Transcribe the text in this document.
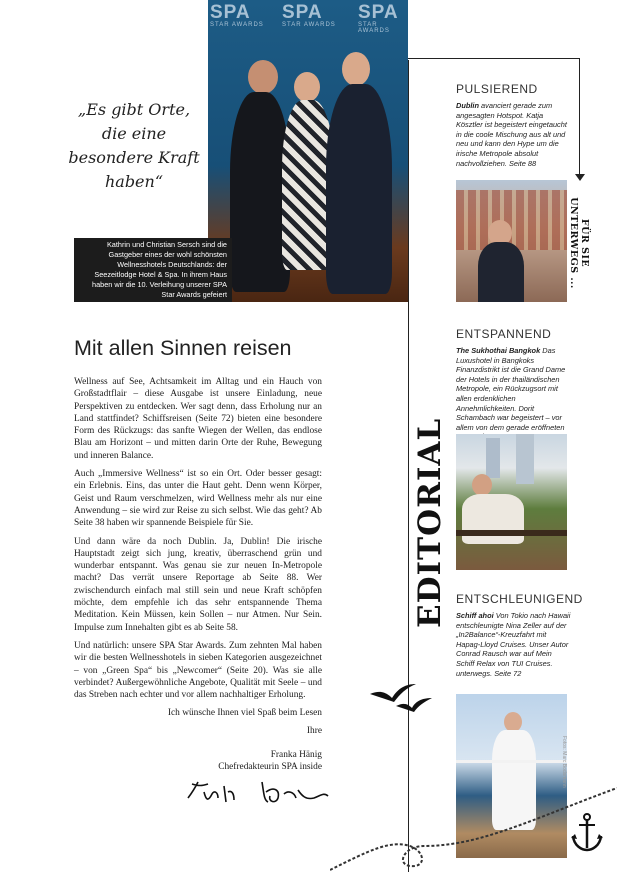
SPA
STAR AWARDS
SPA
STAR AWARDS
SPA
STAR AWARDS
Kathrin und Christian Sersch sind die Gastgeber eines der wohl schönsten Wellnesshotels Deutschlands: der Seezeitlodge Hotel & Spa. In ihrem Haus haben wir die 10. Verleihung unserer SPA Star Awards gefeiert
„Es gibt Orte, die eine besondere Kraft haben“
Mit allen Sinnen reisen

Wellness auf See, Achtsamkeit im Alltag und ein Hauch von Großstadtflair – diese Ausgabe ist unsere Einladung, neue Perspektiven zu entdecken. Wer sagt denn, dass Erholung nur an Land stattfindet? Schiffsreisen (Seite 72) bieten eine besondere Form des Rückzugs: das sanfte Wiegen der Wellen, das endlose Blau am Horizont – und mitten darin Orte der Ruhe, Bewegung und inneren Balance.

Auch „Immersive Wellness“ ist so ein Ort. Oder besser gesagt: ein Erlebnis. Eins, das unter die Haut geht. Denn wenn Körper, Geist und Raum verschmelzen, wird Wellness mehr als nur eine Anwendung – sie wird zur Reise zu sich selbst. Wie das geht? Ab Seite 38 haben wir spannende Beispiele für Sie.

Und dann wäre da noch Dublin. Ja, Dublin! Die irische Hauptstadt zeigt sich jung, kreativ, überraschend grün und wunderbar entspannt. Was genau sie zur neuen In-Metropole macht? Das verrät unsere Reportage ab Seite 88. Wer zwischendurch einfach mal still sein und neue Kraft schöpfen möchte, dem empfehle ich das sehr entspannende Thema Meditation. Kein Müssen, kein Sollen – nur Atmen. Nur Sein. Impulse zum Innehalten gibt es ab Seite 58.

Und natürlich: unsere SPA Star Awards. Zum zehnten Mal haben wir die besten Wellnesshotels in sieben Kategorien ausgezeichnet – von „Green Spa“ bis „Newcomer“ (Seite 20). Was sie alle verbindet? Außergewöhnliche Angebote, Qualität mit Seele – und das Streben nach echter und vor allem nachhaltiger Erholung.

Ich wünsche Ihnen viel Spaß beim Lesen

Ihre

Franka Hänig

Chefredakteurin SPA inside

EDITORIAL
FÜR SIE UNTERWEGS ...
PULSIEREND
Dublin avanciert gerade zum angesagten Hotspot. Katja Kösztler ist begeistert eingetaucht in die coole Mischung aus alt und neu und kann den Hype um die irische Metropole absolut nachvollziehen. Seite 88
ENTSPANNEND
The Sukhothai Bangkok Das Luxushotel in Bangkoks Finanzdistrikt ist die Grand Dame der Hotels in der thailändischen Metropole, ein Rückzugsort mit allen erdenklichen Annehmlichkeiten. Dorit Schambach war begeistert – vor allem von dem gerade eröffneten
ENTSCHLEUNIGEND
Schiff ahoi Von Tokio nach Hawaii entschleunigte Nina Zeller auf der „In2Balance“-Kreuzfahrt mit Hapag-Lloyd Cruises. Unser Autor Conrad Rausch war auf Mein Schiff Relax von TUI Cruises. unterwegs. Seite 72
Fotos: Marc Bodsmann
